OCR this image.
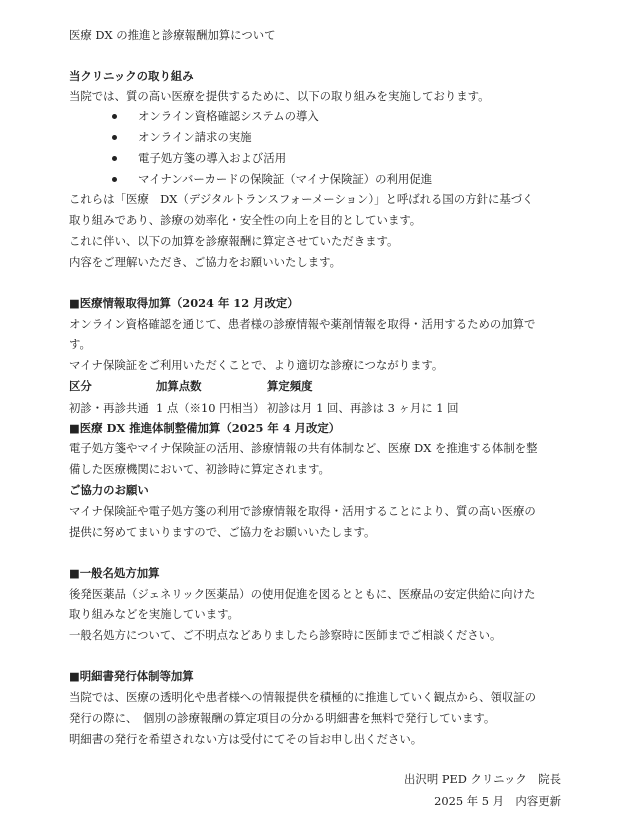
医療 DX の推進と診療報酬加算について
当クリニックの取り組み
当院では、質の高い医療を提供するために、以下の取り組みを実施しております。
オンライン資格確認システムの導入
オンライン請求の実施
電子処方箋の導入および活用
マイナンバーカードの保険証（マイナ保険証）の利用促進
これらは「医療　DX（デジタルトランスフォーメーション）」と呼ばれる国の方針に基づく
取り組みであり、診療の効率化・安全性の向上を目的としています。
これに伴い、以下の加算を診療報酬に算定させていただきます。
内容をご理解いただき、ご協力をお願いいたします。
■医療情報取得加算（2024 年 12 月改定）
オンライン資格確認を通じて、患者様の診療情報や薬剤情報を取得・活用するための加算で
す。
マイナ保険証をご利用いただくことで、より適切な診療につながります。
区分	加算点数	算定頻度
初診・再診共通 1 点（※10 円相当） 初診は月 1 回、再診は 3 ヶ月に 1 回
■医療 DX 推進体制整備加算（2025 年 4 月改定）
電子処方箋やマイナ保険証の活用、診療情報の共有体制など、医療 DX を推進する体制を整
備した医療機関において、初診時に算定されます。
ご協力のお願い
マイナ保険証や電子処方箋の利用で診療情報を取得・活用することにより、質の高い医療の
提供に努めてまいりますので、ご協力をお願いいたします。
■一般名処方加算
後発医薬品（ジェネリック医薬品）の使用促進を図るとともに、医療品の安定供給に向けた
取り組みなどを実施しています。
一般名処方について、ご不明点などありましたら診察時に医師までご相談ください。
■明細書発行体制等加算
当院では、医療の透明化や患者様への情報提供を積極的に推進していく観点から、領収証の
発行の際に、　個別の診療報酬の算定項目の分かる明細書を無料で発行しています。
明細書の発行を希望されない方は受付にてその旨お申し出ください。
出沢明 PED クリニック　院長
2025 年 5 月　内容更新
